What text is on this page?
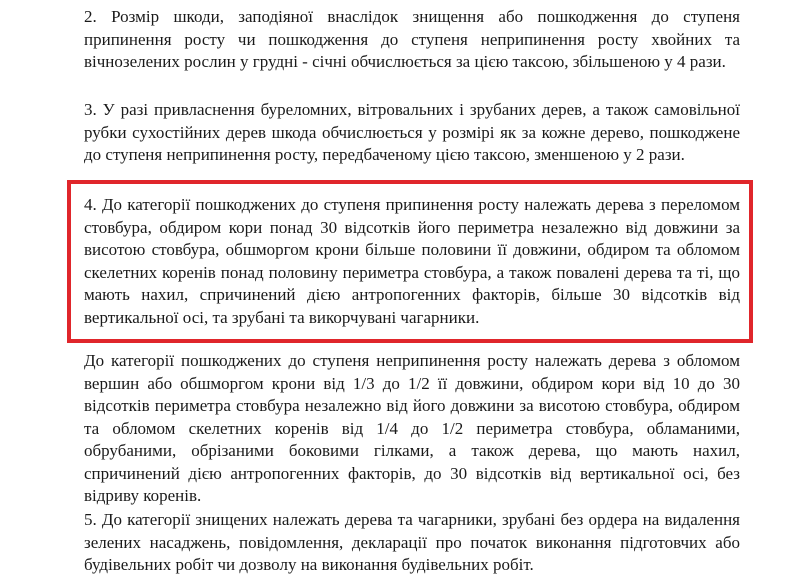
2. Розмір шкоди, заподіяної внаслідок знищення або пошкодження до ступеня припинення росту чи пошкодження до ступеня неприпинення росту хвойних та вічнозелених рослин у грудні - січні обчислюється за цією таксою, збільшеною у 4 рази.

3. У разі привласнення буреломних, вітровальних і зрубаних дерев, а також самовільної рубки сухостійних дерев шкода обчислюється у розмірі як за кожне дерево, пошкоджене до ступеня неприпинення росту, передбаченому цією таксою, зменшеною у 2 рази.

4. До категорії пошкоджених до ступеня припинення росту належать дерева з переломом стовбура, обдиром кори понад 30 відсотків його периметра незалежно від довжини за висотою стовбура, обшморгом крони більше половини її довжини, обдиром та обломом скелетних коренів понад половину периметра стовбура, а також повалені дерева та ті, що мають нахил, спричинений дією антропогенних факторів, більше 30 відсотків від вертикальної осі, та зрубані та викорчувані чагарники.

До категорії пошкоджених до ступеня неприпинення росту належать дерева з обломом вершин або обшморгом крони від 1/3 до 1/2 її довжини, обдиром кори від 10 до 30 відсотків периметра стовбура незалежно від його довжини за висотою стовбура, обдиром та обломом скелетних коренів від 1/4 до 1/2 периметра стовбура, обламаними, обрубаними, обрізаними боковими гілками, а також дерева, що мають нахил, спричинений дією антропогенних факторів, до 30 відсотків від вертикальної осі, без відриву коренів.

5. До категорії знищених належать дерева та чагарники, зрубані без ордера на видалення зелених насаджень, повідомлення, декларації про початок виконання підготовчих або будівельних робіт чи дозволу на виконання будівельних робіт.
